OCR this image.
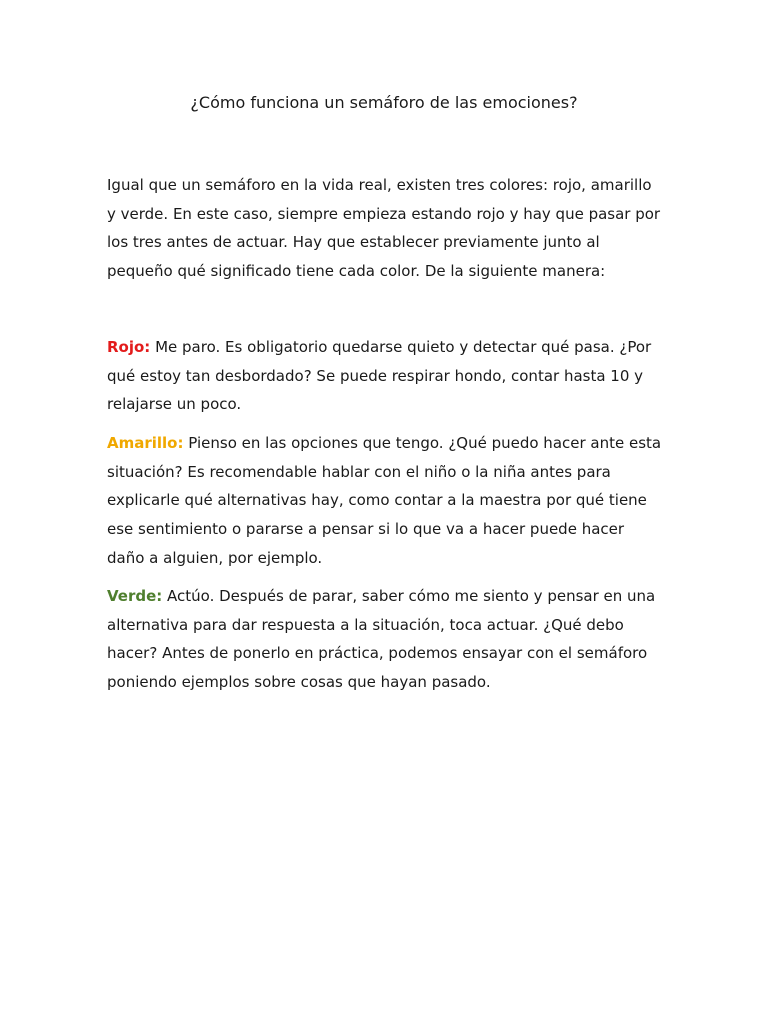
¿Cómo funciona un semáforo de las emociones?

Igual que un semáforo en la vida real, existen tres colores: rojo, amarillo y verde. En este caso, siempre empieza estando rojo y hay que pasar por los tres antes de actuar. Hay que establecer previamente junto al pequeño qué significado tiene cada color. De la siguiente manera:

Rojo: Me paro. Es obligatorio quedarse quieto y detectar qué pasa. ¿Por qué estoy tan desbordado? Se puede respirar hondo, contar hasta 10 y relajarse un poco.

Amarillo: Pienso en las opciones que tengo. ¿Qué puedo hacer ante esta situación? Es recomendable hablar con el niño o la niña antes para explicarle qué alternativas hay, como contar a la maestra por qué tiene ese sentimiento o pararse a pensar si lo que va a hacer puede hacer daño a alguien, por ejemplo.

Verde: Actúo. Después de parar, saber cómo me siento y pensar en una alternativa para dar respuesta a la situación, toca actuar. ¿Qué debo hacer? Antes de ponerlo en práctica, podemos ensayar con el semáforo poniendo ejemplos sobre cosas que hayan pasado.
